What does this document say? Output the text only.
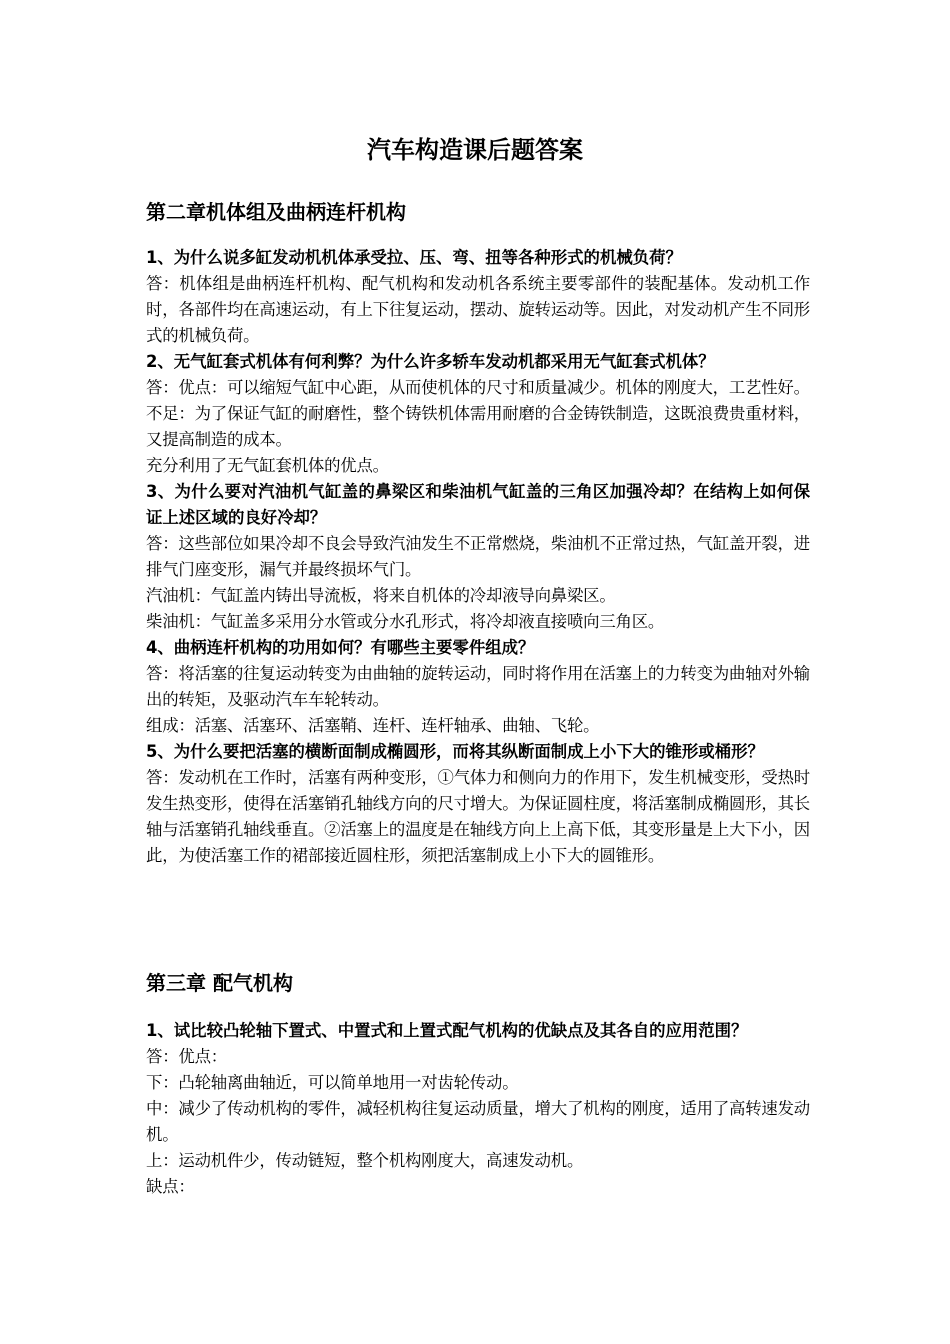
汽车构造课后题答案
第二章机体组及曲柄连杆机构

1、为什么说多缸发动机机体承受拉、压、弯、扭等各种形式的机械负荷？

答：机体组是曲柄连杆机构、配气机构和发动机各系统主要零部件的装配基体。发动机工作时，各部件均在高速运动，有上下往复运动，摆动、旋转运动等。因此，对发动机产生不同形式的机械负荷。

2、无气缸套式机体有何利弊？为什么许多轿车发动机都采用无气缸套式机体？

答：优点：可以缩短气缸中心距，从而使机体的尺寸和质量减少。机体的刚度大，工艺性好。

不足：为了保证气缸的耐磨性，整个铸铁机体需用耐磨的合金铸铁制造，这既浪费贵重材料，又提高制造的成本。

充分利用了无气缸套机体的优点。

3、为什么要对汽油机气缸盖的鼻梁区和柴油机气缸盖的三角区加强冷却？在结构上如何保证上述区域的良好冷却？

答：这些部位如果冷却不良会导致汽油发生不正常燃烧，柴油机不正常过热，气缸盖开裂，进排气门座变形，漏气并最终损坏气门。

汽油机：气缸盖内铸出导流板，将来自机体的冷却液导向鼻梁区。

柴油机：气缸盖多采用分水管或分水孔形式，将冷却液直接喷向三角区。

4、曲柄连杆机构的功用如何？有哪些主要零件组成？

答：将活塞的往复运动转变为由曲轴的旋转运动，同时将作用在活塞上的力转变为曲轴对外输出的转矩，及驱动汽车车轮转动。

组成：活塞、活塞环、活塞鞘、连杆、连杆轴承、曲轴、飞轮。

5、为什么要把活塞的横断面制成椭圆形，而将其纵断面制成上小下大的锥形或桶形？

答：发动机在工作时，活塞有两种变形，①气体力和侧向力的作用下，发生机械变形，受热时发生热变形，使得在活塞销孔轴线方向的尺寸增大。为保证圆柱度，将活塞制成椭圆形，其长轴与活塞销孔轴线垂直。②活塞上的温度是在轴线方向上上高下低，其变形量是上大下小，因此，为使活塞工作的裙部接近圆柱形，须把活塞制成上小下大的圆锥形。

第三章 配气机构

1、试比较凸轮轴下置式、中置式和上置式配气机构的优缺点及其各自的应用范围？

答：优点：

下：凸轮轴离曲轴近，可以简单地用一对齿轮传动。

中：减少了传动机构的零件，减轻机构往复运动质量，增大了机构的刚度，适用了高转速发动机。

上：运动机件少，传动链短，整个机构刚度大，高速发动机。

缺点：
